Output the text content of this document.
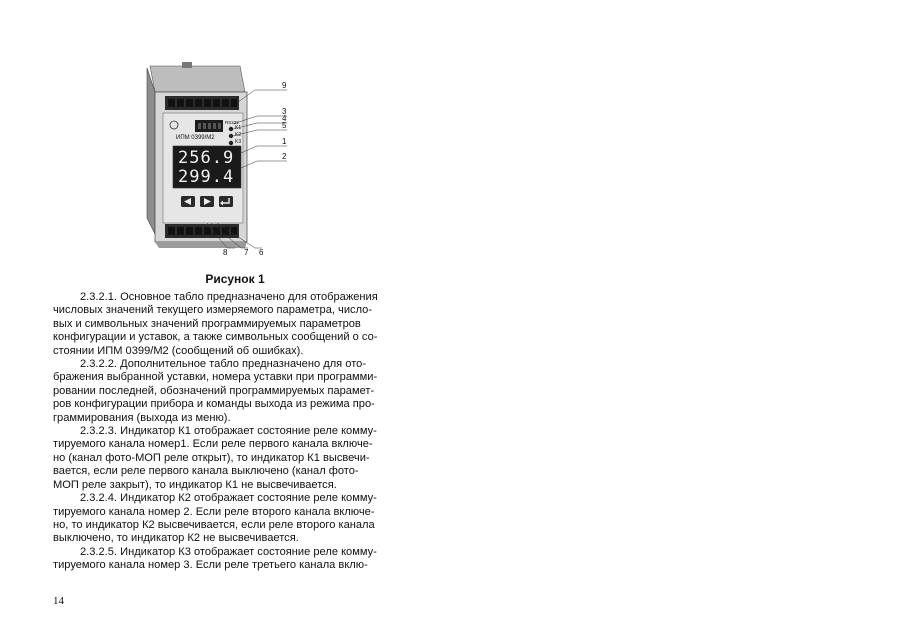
ИПМ 0399/М2
RS232
K1
K2
K3
256.9
299.4
9
3
4
5
1
2
8 7 6
Рисунок 1
2.3.2.1. Основное табло предназначено для отображения
числовых значений текущего измеряемого параметра, число-
вых и символьных значений программируемых параметров
конфигурации и уставок, а также символьных сообщений о со-
стоянии ИПМ 0399/М2 (сообщений об ошибках).
2.3.2.2. Дополнительное табло предназначено для ото-
бражения выбранной уставки, номера уставки при программи-
ровании последней, обозначений программируемых парамет-
ров конфигурации прибора и команды выхода из режима про-
граммирования (выхода из меню).
2.3.2.3. Индикатор К1 отображает состояние реле комму-
тируемого канала номер1. Если реле первого канала включе-
но (канал фото-МОП реле открыт), то индикатор К1 высвечи-
вается, если реле первого канала выключено (канал фото-
МОП реле закрыт), то индикатор К1 не высвечивается.
2.3.2.4. Индикатор К2 отображает состояние реле комму-
тируемого канала номер 2. Если реле второго канала включе-
но, то индикатор К2 высвечивается, если реле второго канала
выключено, то индикатор К2 не высвечивается.
2.3.2.5. Индикатор К3 отображает состояние реле комму-
тируемого канала номер 3. Если реле третьего канала вклю-
14
